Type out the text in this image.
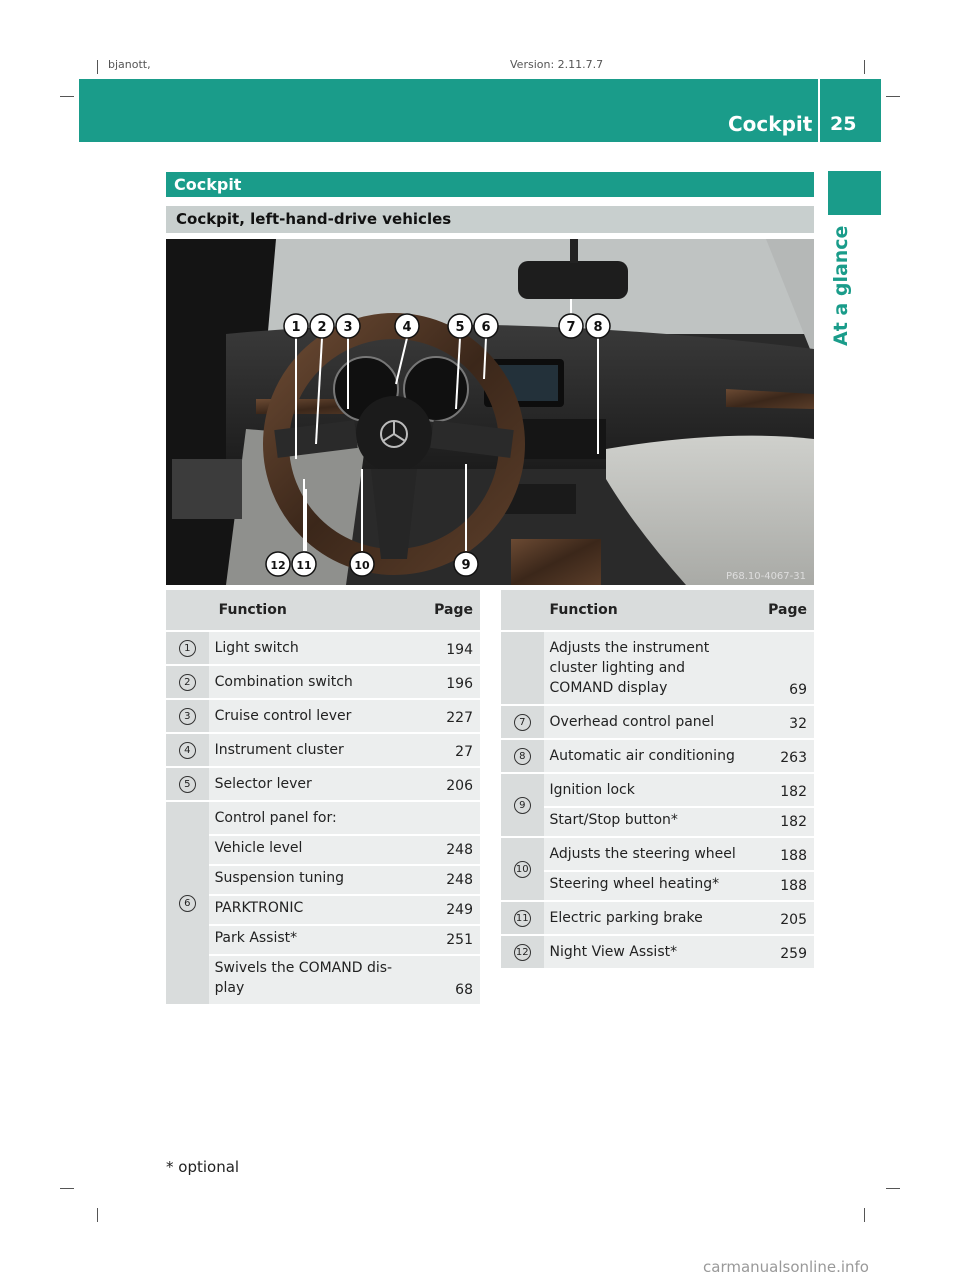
bjanott,	Version: 2.11.7.7
Cockpit 25
At a glance
Cockpit
Cockpit, left-hand-drive vehicles
1 2 3	4	5 6	7 8
9
10
11
12
P68.10-4067-31
	Function	Page
1	Light switch	194
2	Combination switch	196
3	Cruise control lever	227
4	Instrument cluster	27
5	Selector lever	206
6	Control panel for:	
	Vehicle level	248
	Suspension tuning	248
	PARKTRONIC	249
	Park Assist*	251
	Swivels the COMAND dis-play	68
	Function	Page
	Adjusts the instrument cluster lighting and COMAND display	69
7	Overhead control panel	32
8	Automatic air conditioning	263
9	Ignition lock	182
	Start/Stop button*	182
10	Adjusts the steering wheel	188
	Steering wheel heating*	188
11	Electric parking brake	205
12	Night View Assist*	259
* optional
carmanualsonline.info
